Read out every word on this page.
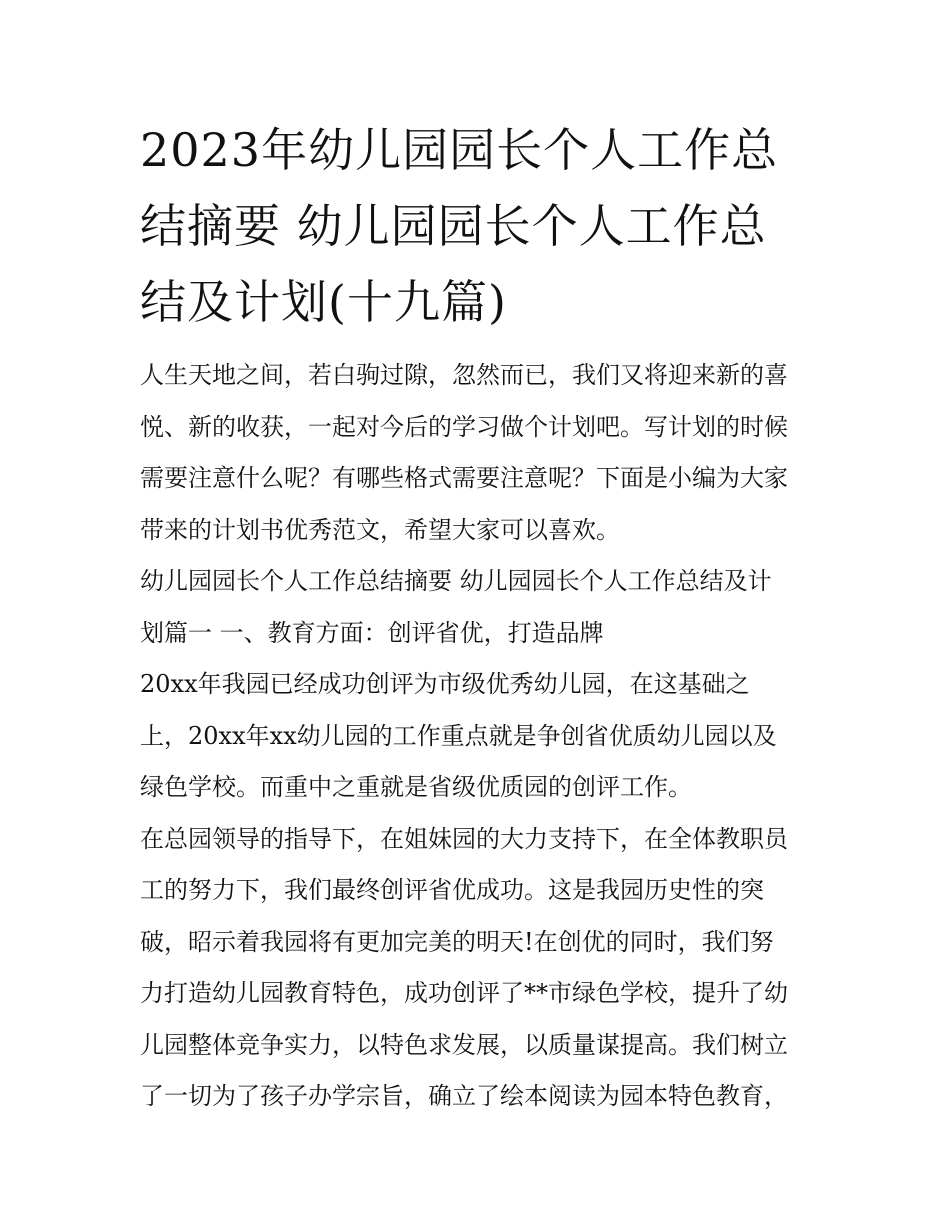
2023年幼儿园园长个人工作总
结摘要 幼儿园园长个人工作总
结及计划(十九篇)

人生天地之间，若白驹过隙，忽然而已，我们又将迎来新的喜
悦、新的收获，一起对今后的学习做个计划吧。写计划的时候
需要注意什么呢？有哪些格式需要注意呢？下面是小编为大家
带来的计划书优秀范文，希望大家可以喜欢。

幼儿园园长个人工作总结摘要 幼儿园园长个人工作总结及计
划篇一 一、教育方面：创评省优，打造品牌

20xx年我园已经成功创评为市级优秀幼儿园，在这基础之
上，20xx年xx幼儿园的工作重点就是争创省优质幼儿园以及
绿色学校。而重中之重就是省级优质园的创评工作。

在总园领导的指导下，在姐妹园的大力支持下，在全体教职员
工的努力下，我们最终创评省优成功。这是我园历史性的突
破，昭示着我园将有更加完美的明天!在创优的同时，我们努
力打造幼儿园教育特色，成功创评了**市绿色学校，提升了幼
儿园整体竞争实力，以特色求发展，以质量谋提高。我们树立
了一切为了孩子办学宗旨，确立了绘本阅读为园本特色教育，
